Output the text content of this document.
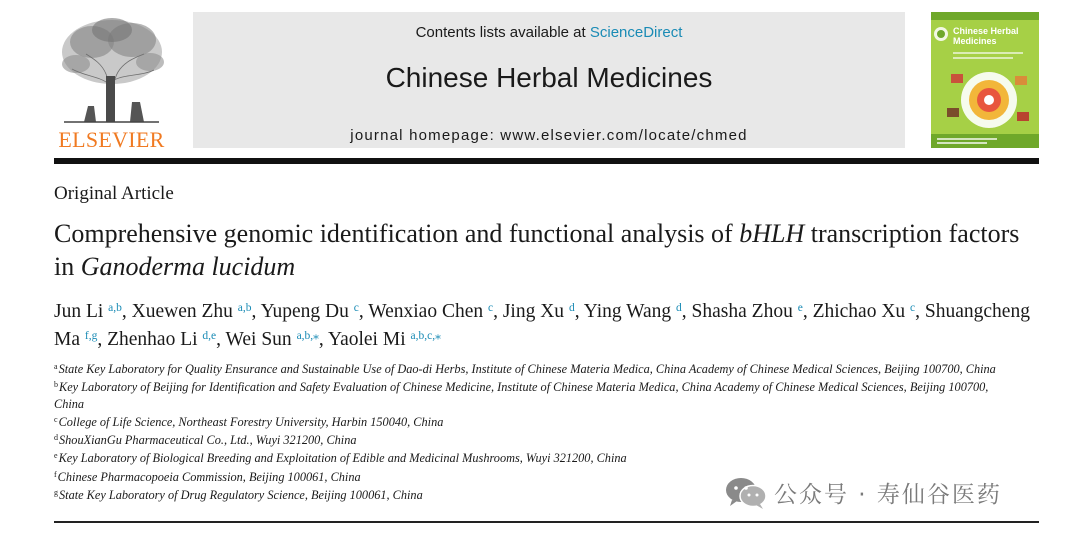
ELSEVIER
Contents lists available at ScienceDirect
Chinese Herbal Medicines
journal homepage: www.elsevier.com/locate/chmed
Chinese Herbal Medicines
Original Article
Comprehensive genomic identification and functional analysis of bHLH transcription factors in Ganoderma lucidum
Jun Li $^{a,b}$, Xuewen Zhu $^{a,b}$, Yupeng Du $^c$, Wenxiao Chen $^c$, Jing Xu $^d$, Ying Wang $^d$, Shasha Zhou $^e$, Zhichao Xu $^c$, Shuangcheng Ma $^{f,g}$, Zhenhao Li $^{d,e}$, Wei Sun $^{a,b,⁎}$, Yaolei Mi $^{a,b,c,⁎}$
$^a$State Key Laboratory for Quality Ensurance and Sustainable Use of Dao-di Herbs, Institute of Chinese Materia Medica, China Academy of Chinese Medical Sciences, Beijing 100700, China
$^b$Key Laboratory of Beijing for Identification and Safety Evaluation of Chinese Medicine, Institute of Chinese Materia Medica, China Academy of Chinese Medical Sciences, Beijing 100700, China
$^c$College of Life Science, Northeast Forestry University, Harbin 150040, China
$^d$ShouXianGu Pharmaceutical Co., Ltd., Wuyi 321200, China
$^e$Key Laboratory of Biological Breeding and Exploitation of Edible and Medicinal Mushrooms, Wuyi 321200, China
$^f$Chinese Pharmacopoeia Commission, Beijing 100061, China
$^g$State Key Laboratory of Drug Regulatory Science, Beijing 100061, China	公众号 · 寿仙谷医药
